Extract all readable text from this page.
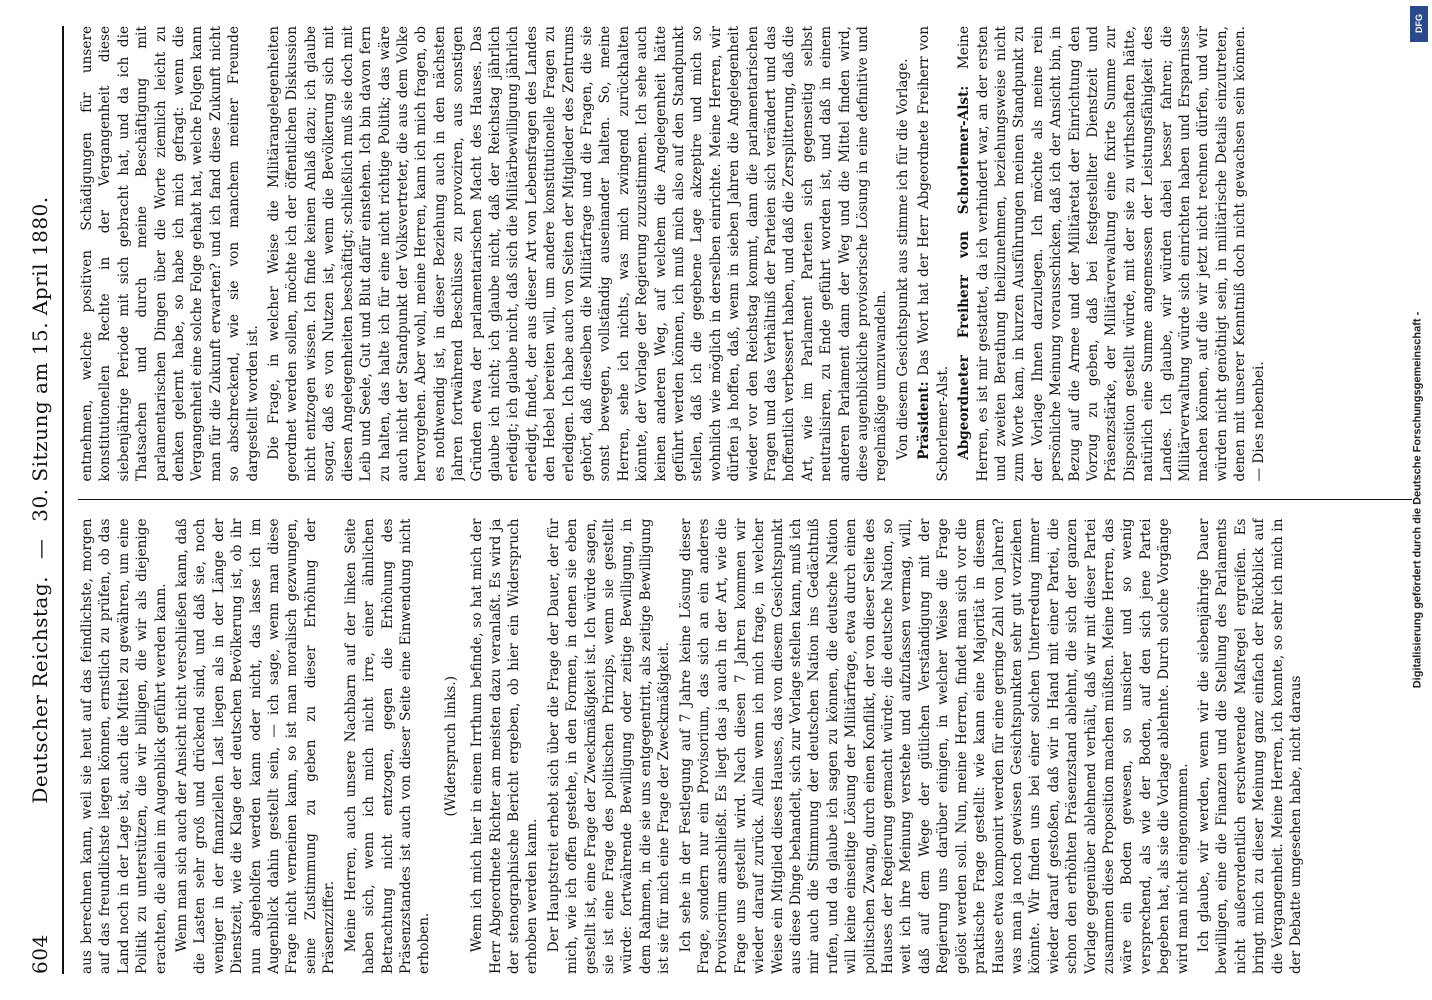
604
Deutscher Reichstag. — 30. Sitzung am 15. April 1880.

aus berechnen kann, weil sie heut auf das feindlichste, morgen auf das freundlichste liegen können, ernstlich zu prüfen, ob das Land noch in der Lage ist, auch die Mittel zu gewähren, um eine Politik zu unterstützen, die wir billigen, die wir als diejenige erachten, die allein im Augenblick geführt werden kann. Wenn man sich auch der Ansicht nicht verschließen kann, daß die Lasten sehr groß und drückend sind, und daß sie, noch weniger in der finanziellen Last liegen als in der Länge der Dienstzeit, wie die Klage der deutschen Bevölkerung ist, ob ihr nun abgeholfen werden kann oder nicht, das lasse ich im Augenblick dahin gestellt sein, — ich sage, wenn man diese Frage nicht verneinen kann, so ist man moralisch gezwungen, seine Zustimmung zu geben zu dieser Erhöhung der Präsenzziffer. Meine Herren, auch unsere Nachbarn auf der linken Seite haben sich, wenn ich mich nicht irre, einer ähnlichen Betrachtung nicht entzogen, gegen die Erhöhung des Präsenzstandes ist auch von dieser Seite eine Einwendung nicht erhoben.

(Widerspruch links.) Wenn ich mich hier in einem Irrthum befinde, so hat mich der Herr Abgeordnete Richter am meisten dazu veranlaßt. Es wird ja der stenographische Bericht ergeben, ob hier ein Widerspruch erhoben werden kann. Der Hauptstreit erhebt sich über die Frage der Dauer, der für mich, wie ich offen gestehe, in den Formen, in denen sie eben gestellt ist, eine Frage der Zweckmäßigkeit ist. Ich würde sagen, sie ist eine Frage des politischen Prinzips, wenn sie gestellt würde: fortwährende Bewilligung oder zeitige Bewilligung, in dem Rahmen, in die sie uns entgegentritt, als zeitige Bewilligung ist sie für mich eine Frage der Zweckmäßigkeit. Ich sehe in der Festlegung auf 7 Jahre keine Lösung dieser Frage, sondern nur ein Provisorium, das sich an ein anderes Provisorium anschließt. Es liegt das ja auch in der Art, wie die Frage uns gestellt wird. Nach diesen 7 Jahren kommen wir wieder darauf zurück. Allein wenn ich mich frage, in welcher Weise ein Mitglied dieses Hauses, das von diesem Gesichtspunkt aus diese Dinge behandelt, sich zur Vorlage stellen kann, muß ich mir auch die Stimmung der deutschen Nation ins Gedächtniß rufen, und da glaube ich sagen zu können, die deutsche Nation will keine einseitige Lösung der Militärfrage, etwa durch einen politischen Zwang, durch einen Konflikt, der von dieser Seite des Hauses der Regierung gemacht würde; die deutsche Nation, so weit ich ihre Meinung verstehe und aufzufassen vermag, will, daß auf dem Wege der gütlichen Verständigung mit der Regierung uns darüber einigen, in welcher Weise die Frage gelöst werden soll. Nun, meine Herren, findet man sich vor die praktische Frage gestellt: wie kann eine Majorität in diesem Hause etwa komponirt werden für eine geringe Zahl von Jahren? was man ja noch gewissen Gesichtspunkten sehr gut vorziehen könnte. Wir finden uns bei einer solchen Unterredung immer wieder darauf gestoßen, daß wir in Hand mit einer Partei, die schon den erhöhten Präsenzstand ablehnt, die sich der ganzen Vorlage gegenüber ablehnend verhält, daß wir mit dieser Partei zusammen diese Proposition machen müßten. Meine Herren, das wäre ein Boden gewesen, so unsicher und so wenig versprechend, als wie der Boden, auf den sich jene Partei begeben hat, als sie die Vorlage ablehnte. Durch solche Vorgänge wird man nicht eingenommen. Ich glaube, wir werden, wenn wir die siebenjährige Dauer bewilligen, eine die Finanzen und die Stellung des Parlaments nicht außerordentlich erschwerende Maßregel ergreifen. Es bringt mich zu dieser Meinung ganz einfach der Rückblick auf die Vergangenheit. Meine Herren, ich konnte, so sehr ich mich in der Debatte umgesehen habe, nicht daraus

entnehmen, welche positiven Schädigungen für unsere konstitutionellen Rechte in der Vergangenheit diese siebenjährige Periode mit sich gebracht hat, und da ich die Thatsachen und durch meine Beschäftigung mit parlamentarischen Dingen über die Worte ziemlich leicht zu denken gelernt habe, so habe ich mich gefragt: wenn die Vergangenheit eine solche Folge gehabt hat, welche Folgen kann man für die Zukunft erwarten? und ich fand diese Zukunft nicht so abschreckend, wie sie von manchem meiner Freunde dargestellt worden ist. Die Frage, in welcher Weise die Militärangelegenheiten geordnet werden sollen, möchte ich der öffentlichen Diskussion nicht entzogen wissen. Ich finde keinen Anlaß dazu; ich glaube sogar, daß es von Nutzen ist, wenn die Bevölkerung sich mit diesen Angelegenheiten beschäftigt; schließlich muß sie doch mit Leib und Seele, Gut und Blut dafür einstehen. Ich bin davon fern zu halten, das halte ich für eine nicht richtige Politik; das wäre auch nicht der Standpunkt der Volksvertreter, die aus dem Volke hervorgehen. Aber wohl, meine Herren, kann ich mich fragen, ob es nothwendig ist, in dieser Beziehung auch in den nächsten Jahren fortwährend Beschlüsse zu provoziren, aus sonstigen Gründen etwa der parlamentarischen Macht des Hauses. Das glaube ich nicht; ich glaube nicht, daß der Reichstag jährlich erledigt; ich glaube nicht, daß sich die Militärbewilligung jährlich erledigt, findet, der aus dieser Art von Lebensfragen des Landes den Hebel bereiten will, um andere konstitutionelle Fragen zu erledigen. Ich habe auch von Seiten der Mitglieder des Zentrums gehört, daß dieselben die Militärfrage und die Fragen, die sie sonst bewegen, vollständig auseinander halten. So, meine Herren, sehe ich nichts, was mich zwingend zurückhalten könnte, der Vorlage der Regierung zuzustimmen. Ich sehe auch keinen anderen Weg, auf welchem die Angelegenheit hätte geführt werden können, ich muß mich also auf den Standpunkt stellen, daß ich die gegebene Lage akzeptire und mich so wohnlich wie möglich in derselben einrichte. Meine Herren, wir dürfen ja hoffen, daß, wenn in sieben Jahren die Angelegenheit wieder vor den Reichstag kommt, dann die parlamentarischen Fragen und das Verhältniß der Parteien sich verändert und das hoffentlich verbessert haben, und daß die Zersplitterung, daß die Art, wie im Parlament Parteien sich gegenseitig selbst neutralisiren, zu Ende geführt worden ist, und daß in einem anderen Parlament dann der Weg und die Mittel finden wird, diese augenblickliche provisorische Lösung in eine definitive und regelmäßige umzuwandeln. Von diesem Gesichtspunkt aus stimme ich für die Vorlage. Präsident: Das Wort hat der Herr Abgeordnete Freiherr von Schorlemer-Alst. Abgeordneter Freiherr von Schorlemer-Alst: Meine Herren, es ist mir gestattet, da ich verhindert war, an der ersten und zweiten Berathung theilzunehmen, beziehungsweise nicht zum Worte kam, in kurzen Ausführungen meinen Standpunkt zu der Vorlage Ihnen darzulegen. Ich möchte als meine rein persönliche Meinung vorausschicken, daß ich der Ansicht bin, in Bezug auf die Armee und der Militäretat der Einrichtung den Vorzug zu geben, daß bei festgestellter Dienstzeit und Präsenzstärke, der Militärverwaltung eine fixirte Summe zur Disposition gestellt würde, mit der sie zu wirthschaften hätte, natürlich eine Summe angemessen der Leistungsfähigkeit des Landes. Ich glaube, wir würden dabei besser fahren; die Militärverwaltung würde sich einrichten haben und Ersparnisse machen können, auf die wir jetzt nicht rechnen dürfen, und wir würden nicht genöthigt sein, in militärische Details einzutreten, denen mit unserer Kenntniß doch nicht gewachsen sein können. — Dies nebenbei.

DFG
Digitalisierung gefördert durch die Deutsche Forschungsgemeinschaft -
